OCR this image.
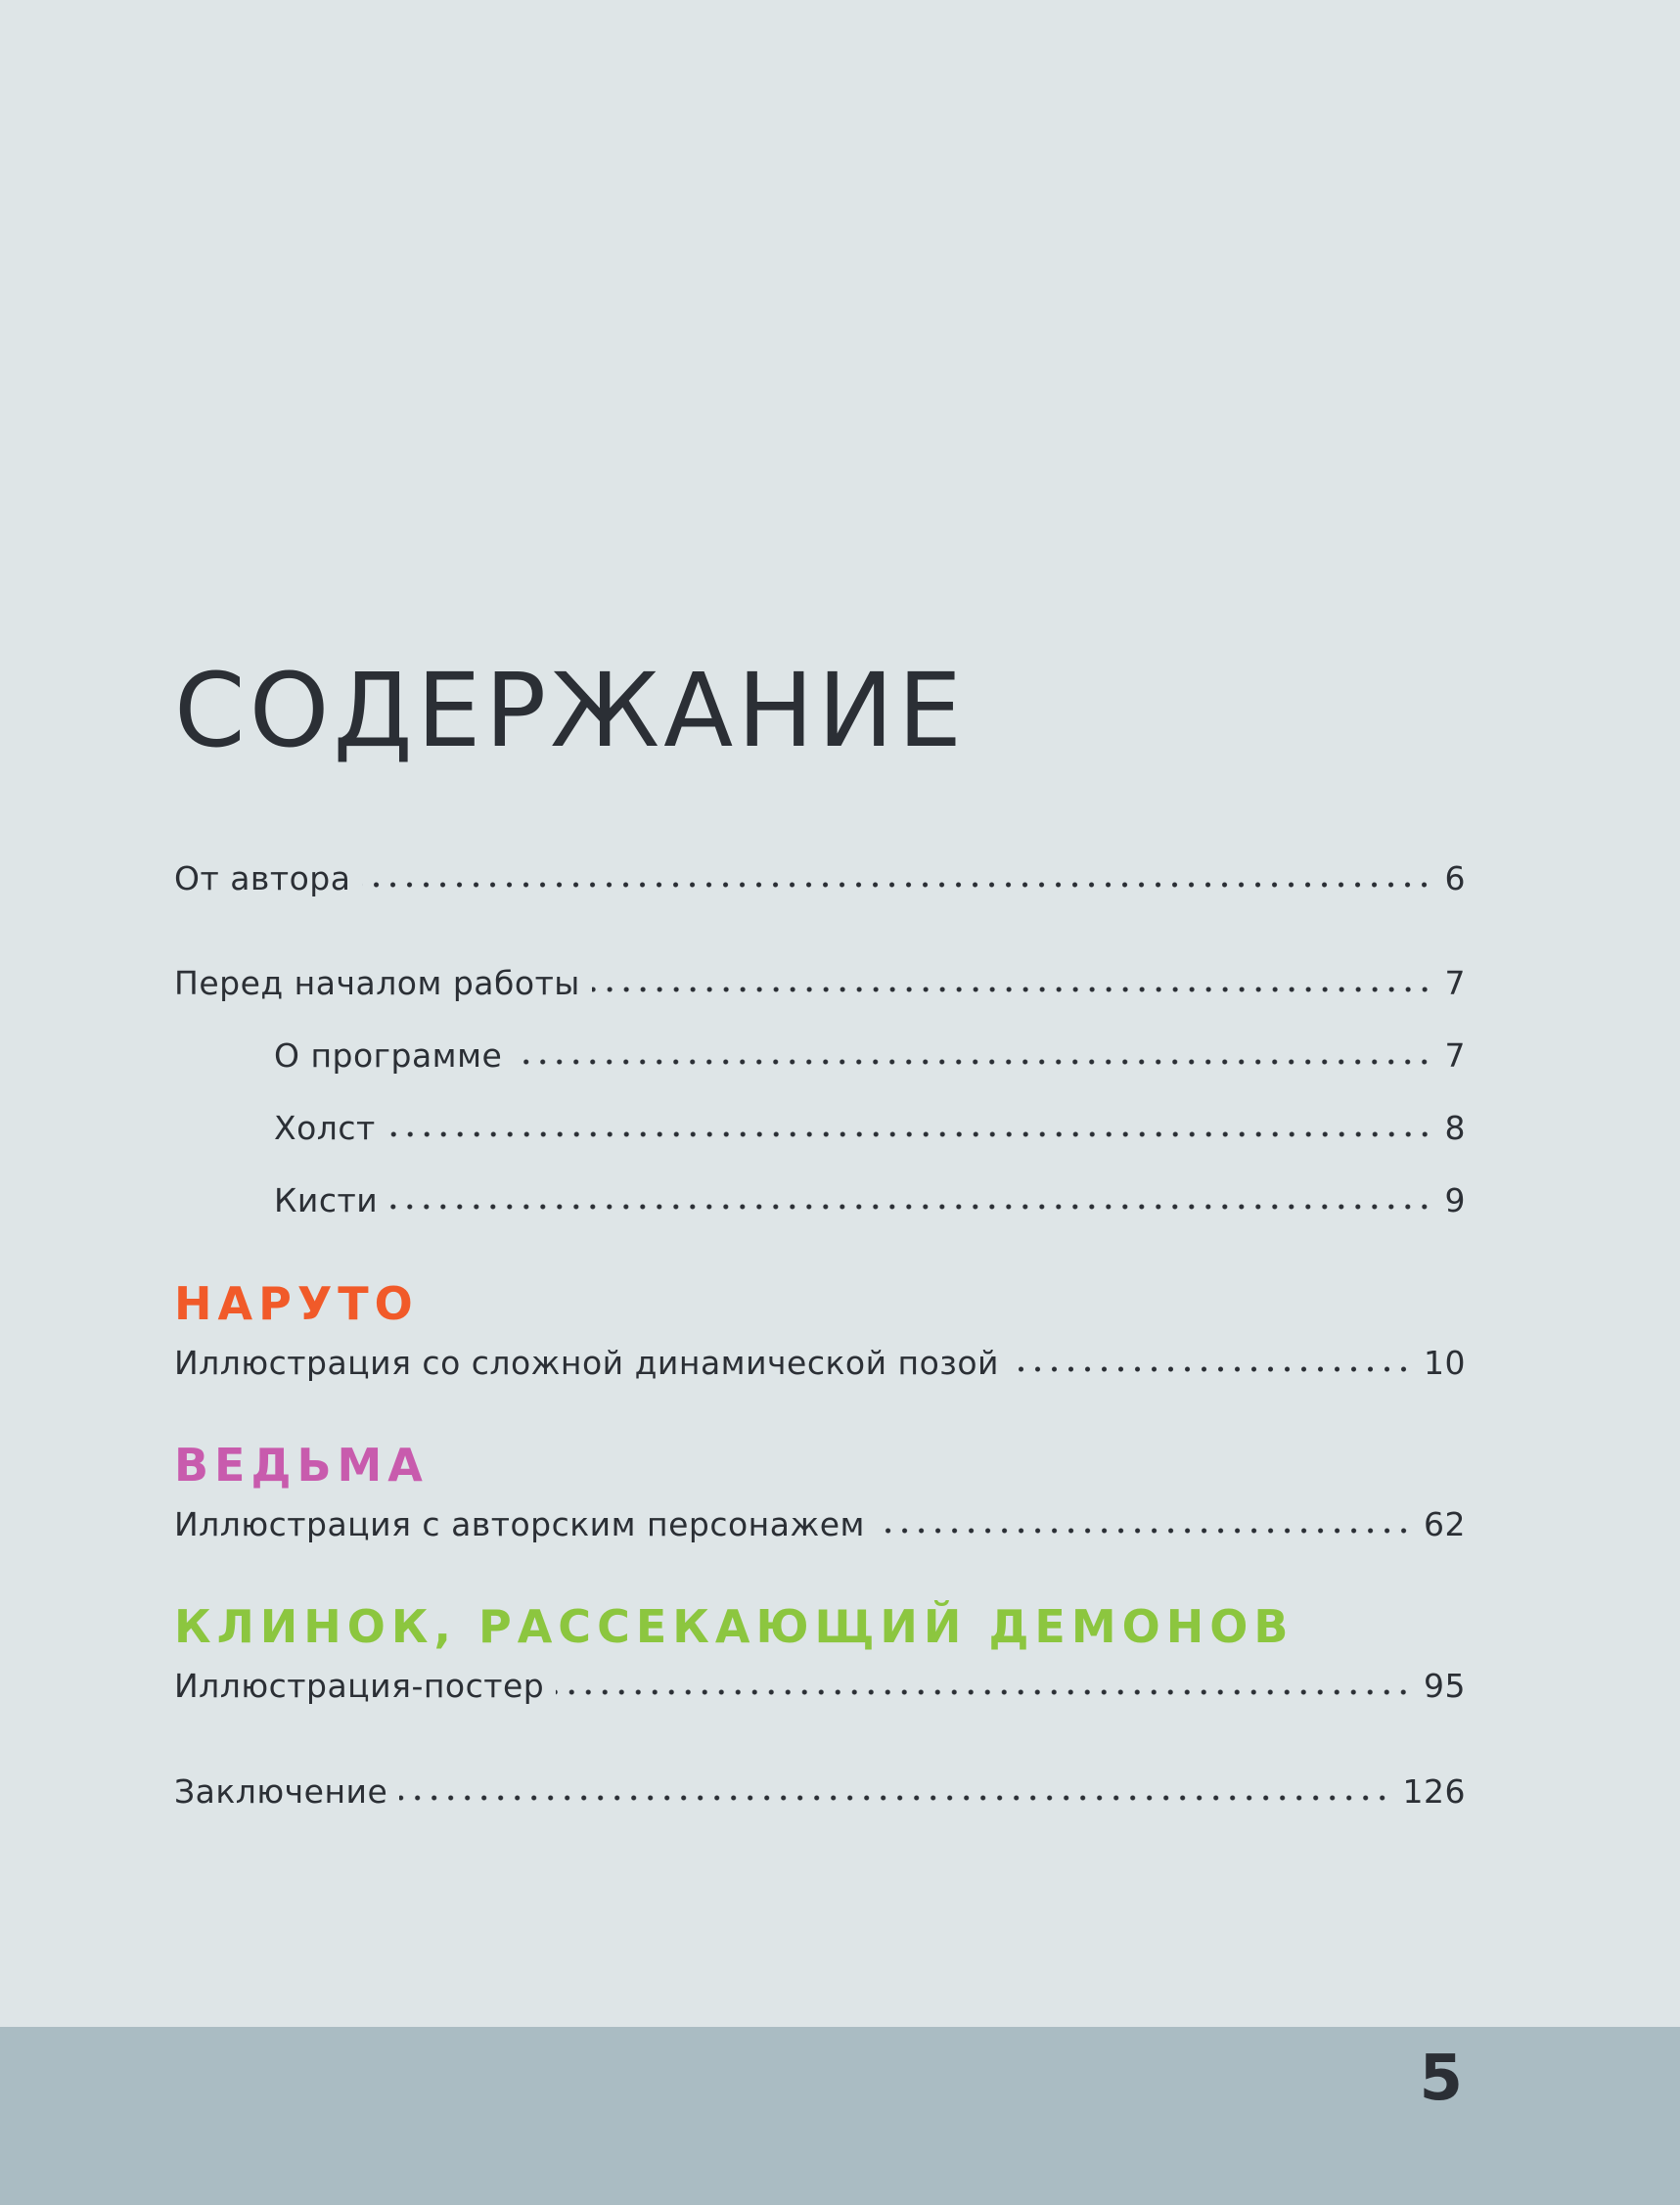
СОДЕРЖАНИЕ
От автора	6
Перед началом работы	7
О программе	7
Холст	8
Кисти	9
НАРУТО
Иллюстрация со сложной динамической позой	10
ВЕДЬМА
Иллюстрация с авторским персонажем	62
КЛИНОК, РАССЕКАЮЩИЙ ДЕМОНОВ
Иллюстрация-постер	95
Заключение	126
5
